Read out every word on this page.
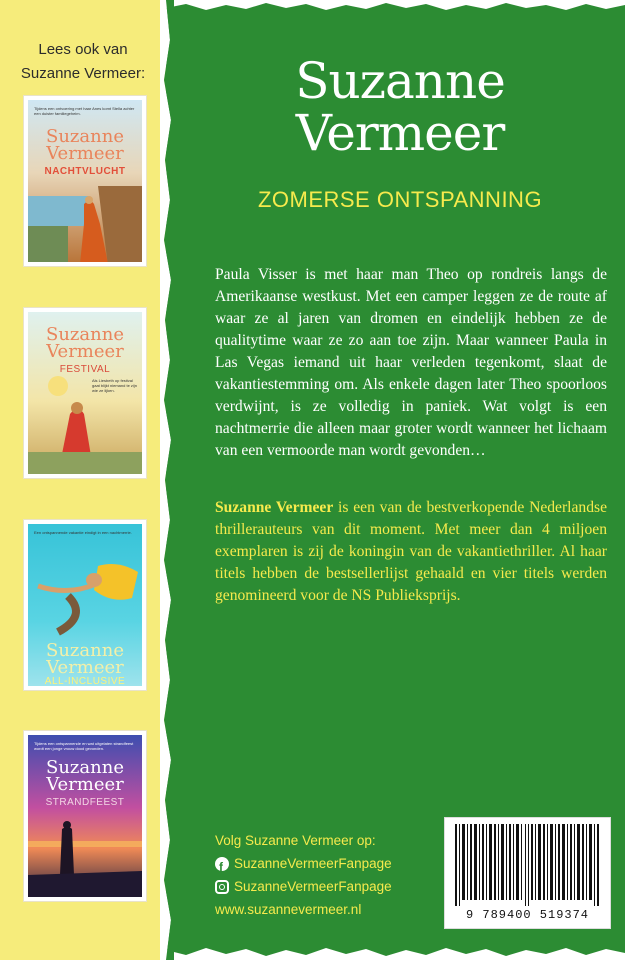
Lees ook van
Suzanne Vermeer:
Tijdens een ontvoering met haar Anes komt Stella achter een duister familiegeheim.
Suzanne
Vermeer
NACHTVLUCHT
Suzanne
Vermeer
FESTIVAL
Als Liesbeth op festival gaat blijkt niemand te zijn wie ze lijken.
Een ontspannende vakantie eindigt in een nachtmerrie.
Suzanne
Vermeer
ALL-INCLUSIVE
Tijdens een ontspannende en wat uitgelaten strandfeest wordt een jonge vrouw dood gevonden.
Suzanne
Vermeer
STRANDFEEST
Suzanne
Vermeer
ZOMERSE ONTSPANNING
Paula Visser is met haar man Theo op rondreis langs de Amerikaanse westkust. Met een camper leggen ze de route af waar ze al jaren van dromen en eindelijk hebben ze de qualitytime waar ze zo aan toe zijn. Maar wanneer Paula in Las Vegas iemand uit haar verleden tegenkomt, slaat de vakantiestemming om. Als enkele dagen later Theo spoorloos verdwijnt, is ze volledig in paniek. Wat volgt is een nachtmerrie die alleen maar groter wordt wanneer het lichaam van een vermoorde man wordt gevonden…
Suzanne Vermeer is een van de bestverkopende Nederlandse thrillerauteurs van dit moment. Met meer dan 4 miljoen exemplaren is zij de koningin van de vakantiethriller. Al haar titels hebben de bestsellerlijst gehaald en vier titels werden genomineerd voor de NS Publieksprijs.
Volg Suzanne Vermeer op:
f
SuzanneVermeerFanpage
SuzanneVermeerFanpage
www.suzannevermeer.nl	9 789400 519374
